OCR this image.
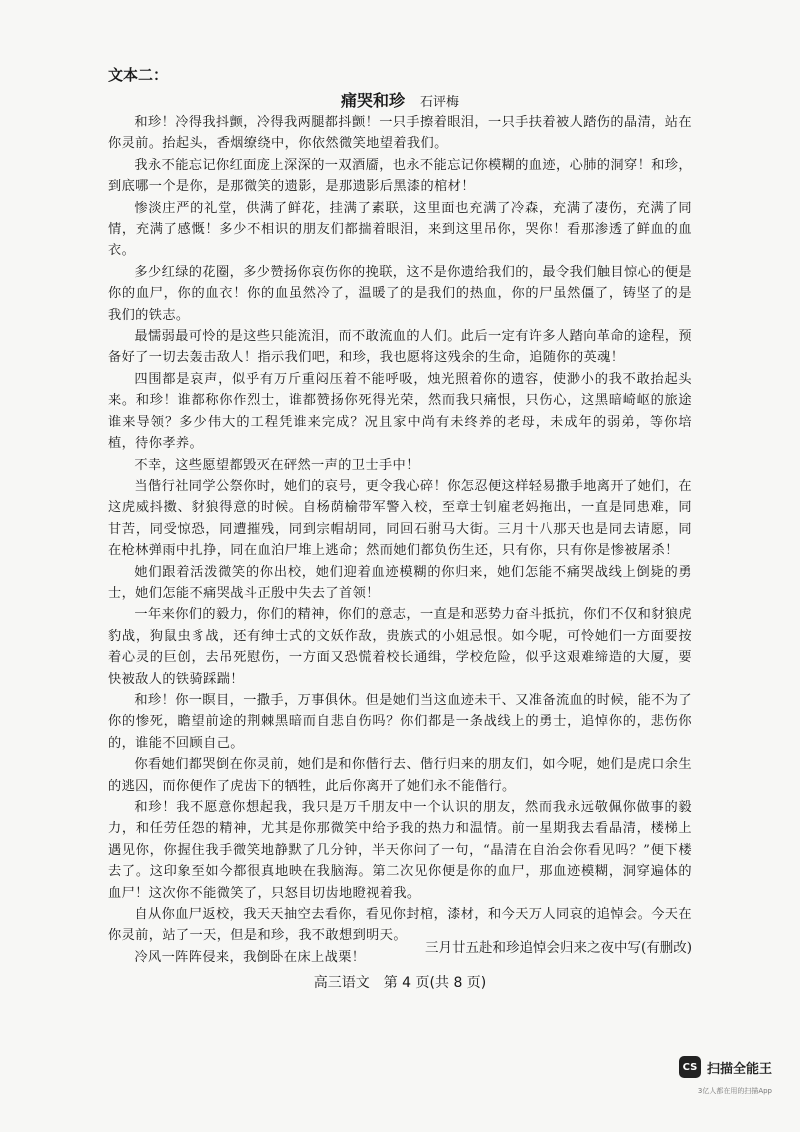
文本二：
痛哭和珍 石评梅

和珍！冷得我抖颤，冷得我两腿都抖颤！一只手擦着眼泪，一只手扶着被人踏伤的晶清，站在你灵前。抬起头，香烟缭绕中，你依然微笑地望着我们。

我永不能忘记你红面庞上深深的一双酒靥，也永不能忘记你模糊的血迹，心肺的洞穿！和珍，到底哪一个是你，是那微笑的遗影，是那遗影后黑漆的棺材！

惨淡庄严的礼堂，供满了鲜花，挂满了素联，这里面也充满了冷森，充满了凄伤，充满了同情，充满了感慨！多少不相识的朋友们都揣着眼泪，来到这里吊你，哭你！看那渗透了鲜血的血衣。

多少红绿的花圈，多少赞扬你哀伤你的挽联，这不是你遗给我们的，最令我们触目惊心的便是你的血尸，你的血衣！你的血虽然冷了，温暖了的是我们的热血，你的尸虽然僵了，铸坚了的是我们的铁志。

最懦弱最可怜的是这些只能流泪，而不敢流血的人们。此后一定有许多人踏向革命的途程，预备好了一切去轰击敌人！指示我们吧，和珍，我也愿将这残余的生命，追随你的英魂！

四围都是哀声，似乎有万斤重闷压着不能呼吸，烛光照着你的遗容，使渺小的我不敢抬起头来。和珍！谁都称你作烈士，谁都赞扬你死得光荣，然而我只痛恨，只伤心，这黑暗崎岖的旅途谁来导领？多少伟大的工程凭谁来完成？况且家中尚有未终养的老母，未成年的弱弟，等你培植，待你孝养。

不幸，这些愿望都毁灭在砰然一声的卫士手中！

当偕行社同学公祭你时，她们的哀号，更令我心碎！你怎忍便这样轻易撒手地离开了她们，在这虎威抖擞、豺狼得意的时候。自杨荫榆带军警入校，至章士钊雇老妈拖出，一直是同患难，同甘苦，同受惊恐，同遭摧残，同到宗帽胡同，同回石驸马大街。三月十八那天也是同去请愿，同在枪林弹雨中扎挣，同在血泊尸堆上逃命；然而她们都负伤生还，只有你，只有你是惨被屠杀！

她们跟着活泼微笑的你出校，她们迎着血迹模糊的你归来，她们怎能不痛哭战线上倒毙的勇士，她们怎能不痛哭战斗正殷中失去了首领！

一年来你们的毅力，你们的精神，你们的意志，一直是和恶势力奋斗抵抗，你们不仅和豺狼虎豹战，狗鼠虫豸战，还有绅士式的文妖作敌，贵族式的小姐忌恨。如今呢，可怜她们一方面要按着心灵的巨创，去吊死慰伤，一方面又恐慌着校长通缉，学校危险，似乎这艰难缔造的大厦，要快被敌人的铁骑踩踹！

和珍！你一瞑目，一撒手，万事俱休。但是她们当这血迹未干、又准备流血的时候，能不为了你的惨死，瞻望前途的荆棘黑暗而自悲自伤吗？你们都是一条战线上的勇士，追悼你的，悲伤你的，谁能不回顾自己。

你看她们都哭倒在你灵前，她们是和你偕行去、偕行归来的朋友们，如今呢，她们是虎口余生的逃囚，而你便作了虎齿下的牺牲，此后你离开了她们永不能偕行。

和珍！我不愿意你想起我，我只是万千朋友中一个认识的朋友，然而我永远敬佩你做事的毅力，和任劳任怨的精神，尤其是你那微笑中给予我的热力和温情。前一星期我去看晶清，楼梯上遇见你，你握住我手微笑地静默了几分钟，半天你问了一句，“晶清在自治会你看见吗？”便下楼去了。这印象至如今都很真地映在我脑海。第二次见你便是你的血尸，那血迹模糊，洞穿遍体的血尸！这次你不能微笑了，只怒目切齿地瞪视着我。

自从你血尸返校，我天天抽空去看你，看见你封棺，漆材，和今天万人同哀的追悼会。今天在你灵前，站了一天，但是和珍，我不敢想到明天。

冷风一阵阵侵来，我倒卧在床上战栗！

三月廿五赴和珍追悼会归来之夜中写(有删改)
高三语文　第 4 页(共 8 页)
CS 扫描全能王
3亿人都在用的扫描App
